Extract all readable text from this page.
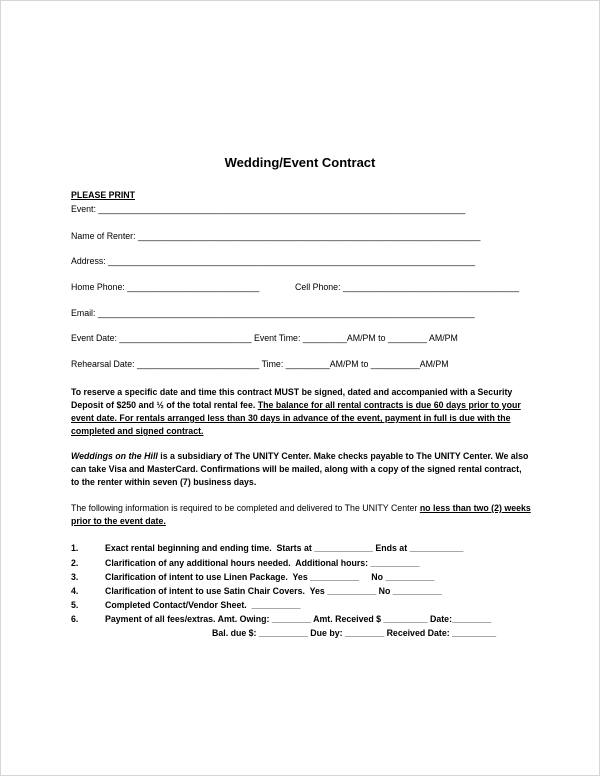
Wedding/Event Contract
PLEASE PRINT
Event: ___________________________________________________________________________
Name of Renter: ______________________________________________________________________
Address: ___________________________________________________________________________
Home Phone: ___________________________	Cell Phone: ____________________________________
Email: _____________________________________________________________________________
Event Date: ___________________________ Event Time: _________AM/PM to ________ AM/PM
Rehearsal Date: _________________________ Time: _________AM/PM to __________AM/PM
To reserve a specific date and time this contract MUST be signed, dated and accompanied with a Security Deposit of $250 and ½ of the total rental fee. The balance for all rental contracts is due 60 days prior to your event date. For rentals arranged less than 30 days in advance of the event, payment in full is due with the completed and signed contract.
Weddings on the Hill is a subsidiary of The UNITY Center. Make checks payable to The UNITY Center. We also can take Visa and MasterCard. Confirmations will be mailed, along with a copy of the signed rental contract, to the renter within seven (7) business days.
The following information is required to be completed and delivered to The UNITY Center no less than two (2) weeks prior to the event date.
1.	Exact rental beginning and ending time.  Starts at ____________ Ends at ___________
2.	Clarification of any additional hours needed.  Additional hours: __________
3.	Clarification of intent to use Linen Package.  Yes __________     No __________
4.	Clarification of intent to use Satin Chair Covers.  Yes __________ No __________
5.	Completed Contact/Vendor Sheet.  __________
6.	Payment of all fees/extras. Amt. Owing: ________ Amt. Received $ _________ Date:________
Bal. due $: __________ Due by: ________ Received Date: _________
